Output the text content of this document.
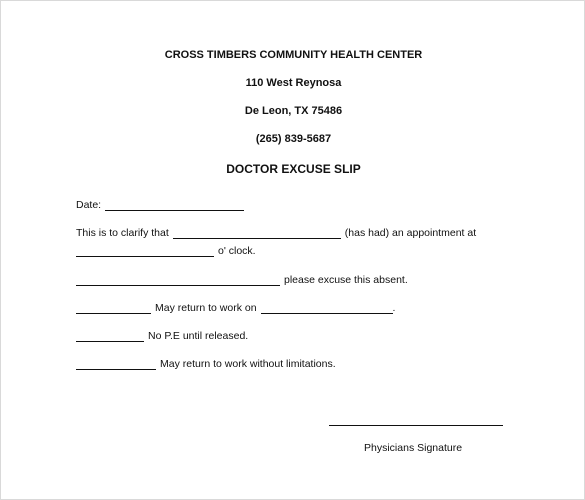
CROSS TIMBERS COMMUNITY HEALTH CENTER
110 West Reynosa
De Leon, TX 75486
(265) 839-5687
DOCTOR EXCUSE SLIP
Date:
This is to clarify that	(has had) an appointment at
o' clock.
please excuse this absent.
May return to work on	.
No P.E until released.
May return to work without limitations.
Physicians Signature
